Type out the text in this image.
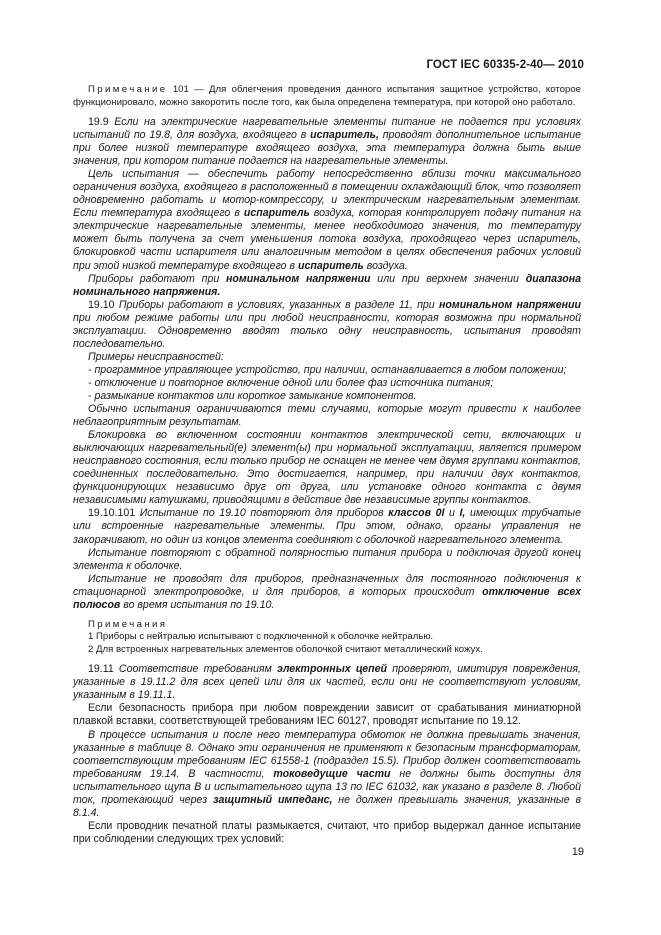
ГОСТ IEC 60335-2-40— 2010

Примечание 101 — Для облегчения проведения данного испытания защитное устройство, которое функционировало, можно закоротить после того, как была определена температура, при которой оно работало.

19.9 Если на электрические нагревательные элементы питание не подается при условиях испытаний по 19.8, для воздуха, входящего в испаритель, проводят дополнительное испытание при более низкой температуре входящего воздуха, эта температура должна быть выше значения, при котором питание подается на нагревательные элементы.

Цель испытания — обеспечить работу непосредственно вблизи точки максимального ограничения воздуха, входящего в расположенный в помещении охлаждающий блок, что позволяет одновременно работать и мотор-компрессору, и электрическим нагревательным элементам. Если температура входящего в испаритель воздуха, которая контролирует подачу питания на электрические нагревательные элементы, менее необходимого значения, то температуру может быть получена за счет уменьшения потока воздуха, проходящего через испаритель, блокировкой части испарителя или аналогичным методом в целях обеспечения рабочих условий при этой низкой температуре входящего в испаритель воздуха.

Приборы работают при номинальном напряжении или при верхнем значении диапазона номинального напряжения.

19.10 Приборы работают в условиях, указанных в разделе 11, при номинальном напряжении при любом режиме работы или при любой неисправности, которая возможна при нормальной эксплуатации. Одновременно вводят только одну неисправность, испытания проводят последовательно.

Примеры неисправностей:

- программное управляющее устройство, при наличии, останавливается в любом положении;

- отключение и повторное включение одной или более фаз источника питания;

- размыкание контактов или короткое замыкание компонентов.

Обычно испытания ограничиваются теми случаями, которые могут привести к наиболее неблагоприятным результатам.

Блокировка во включенном состоянии контактов электрической сети, включающих и выключающих нагревательный(е) элемент(ы) при нормальной эксплуатации, является примером неисправного состояния, если только прибор не оснащен не менее чем двумя группами контактов, соединенных последовательно. Это достигается, например, при наличии двух контактов, функционирующих независимо друг от друга, или установке одного контакта с двумя независимыми катушками, приводящими в действие две независимые группы контактов.

19.10.101 Испытание по 19.10 повторяют для приборов классов 0I и I, имеющих трубчатые или встроенные нагревательные элементы. При этом, однако, органы управления не закорачивают, но один из концов элемента соединяют с оболочкой нагревательного элемента.

Испытание повторяют с обратной полярностью питания прибора и подключая другой конец элемента к оболочке.

Испытание не проводят для приборов, предназначенных для постоянного подключения к стационарной электропроводке, и для приборов, в которых происходит отключение всех полюсов во время испытания по 19.10.

Примечания

1 Приборы с нейтралью испытывают с подключенной к оболочке нейтралью.

2 Для встроенных нагревательных элементов оболочкой считают металлический кожух.

19.11 Соответствие требованиям электронных цепей проверяют, имитируя повреждения, указанные в 19.11.2 для всех цепей или для их частей, если они не соответствуют условиям, указанным в 19.11.1.

Если безопасность прибора при любом повреждении зависит от срабатывания миниатюрной плавкой вставки, соответствующей требованиям IEC 60127, проводят испытание по 19.12.

В процессе испытания и после него температура обмоток не должна превышать значения, указанные в таблице 8. Однако эти ограничения не применяют к безопасным трансформаторам, соответствующим требованиям IEC 61558-1 (подраздел 15.5). Прибор должен соответствовать требованиям 19.14. В частности, токоведущие части не должны быть доступны для испытательного щупа В и испытательного щупа 13 по IEC 61032, как указано в разделе 8. Любой ток, протекающий через защитный импеданс, не должен превышать значения, указанные в 8.1.4.

Если проводник печатной платы размыкается, считают, что прибор выдержал данное испытание при соблюдении следующих трех условий:

19
